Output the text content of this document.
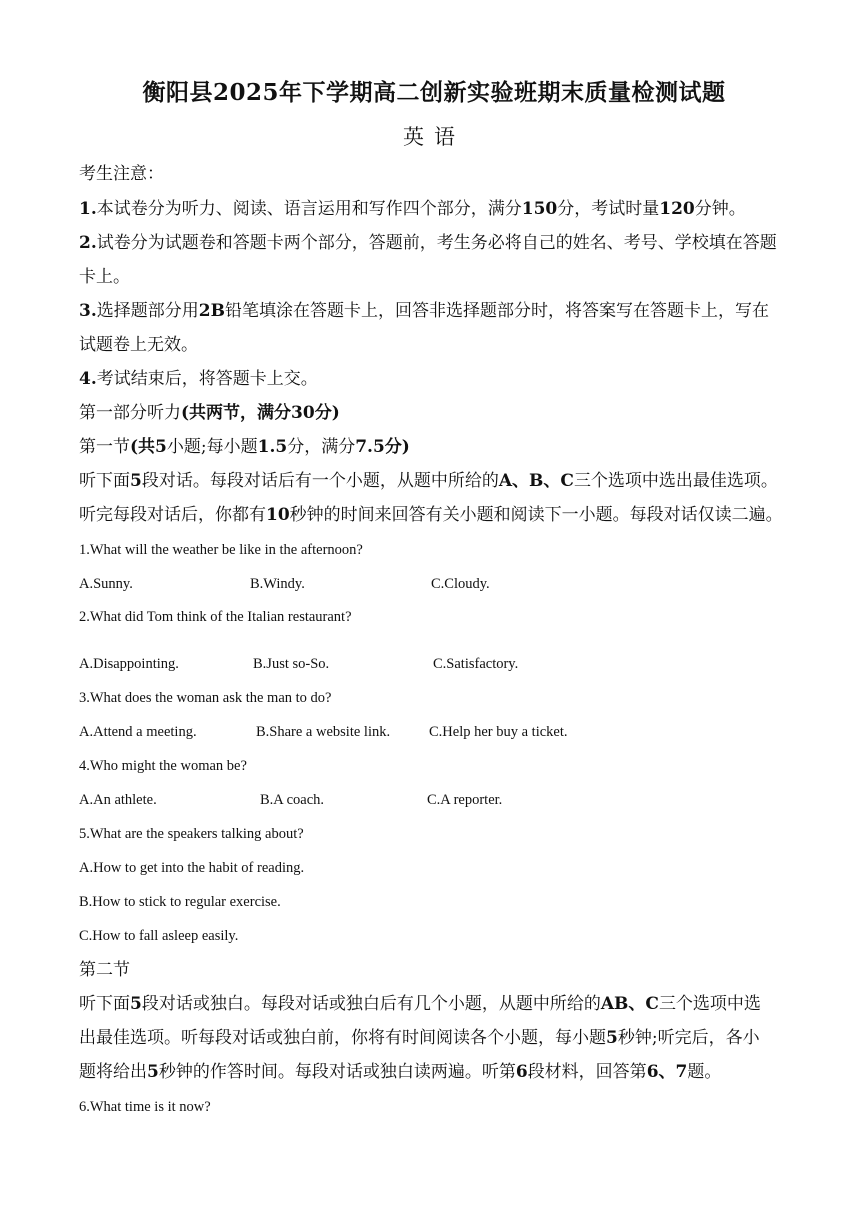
衡阳县2025年下学期高二创新实验班期末质量检测试题
英语
考生注意：
1.本试卷分为听力、阅读、语言运用和写作四个部分，满分150分，考试时量120分钟。
2.试卷分为试题卷和答题卡两个部分，答题前，考生务必将自己的姓名、考号、学校填在答题
卡上。
3.选择题部分用2B铅笔填涂在答题卡上，回答非选择题部分时，将答案写在答题卡上，写在
试题卷上无效。
4.考试结束后，将答题卡上交。
第一部分听力(共两节，满分30分)
第一节(共5小题;每小题1.5分，满分7.5分)
听下面5段对话。每段对话后有一个小题，从题中所给的A、B、C三个选项中选出最佳选项。
听完每段对话后，你都有10秒钟的时间来回答有关小题和阅读下一小题。每段对话仅读二遍。
1.What will the weather be like in the afternoon?
A.Sunny.	B.Windy.	C.Cloudy.
2.What did Tom think of the Italian restaurant?
A.Disappointing.	B.Just so-So.	C.Satisfactory.
3.What does the woman ask the man to do?
A.Attend a meeting.	B.Share a website link.	C.Help her buy a ticket.
4.Who might the woman be?
A.An athlete.	B.A coach.	C.A reporter.
5.What are the speakers talking about?
A.How to get into the habit of reading.
B.How to stick to regular exercise.
C.How to fall asleep easily.
第二节
听下面5段对话或独白。每段对话或独白后有几个小题，从题中所给的AB、C三个选项中选
出最佳选项。听每段对话或独白前，你将有时间阅读各个小题，每小题5秒钟;听完后，各小
题将给出5秒钟的作答时间。每段对话或独白读两遍。听第6段材料，回答第6、7题。
6.What time is it now?
